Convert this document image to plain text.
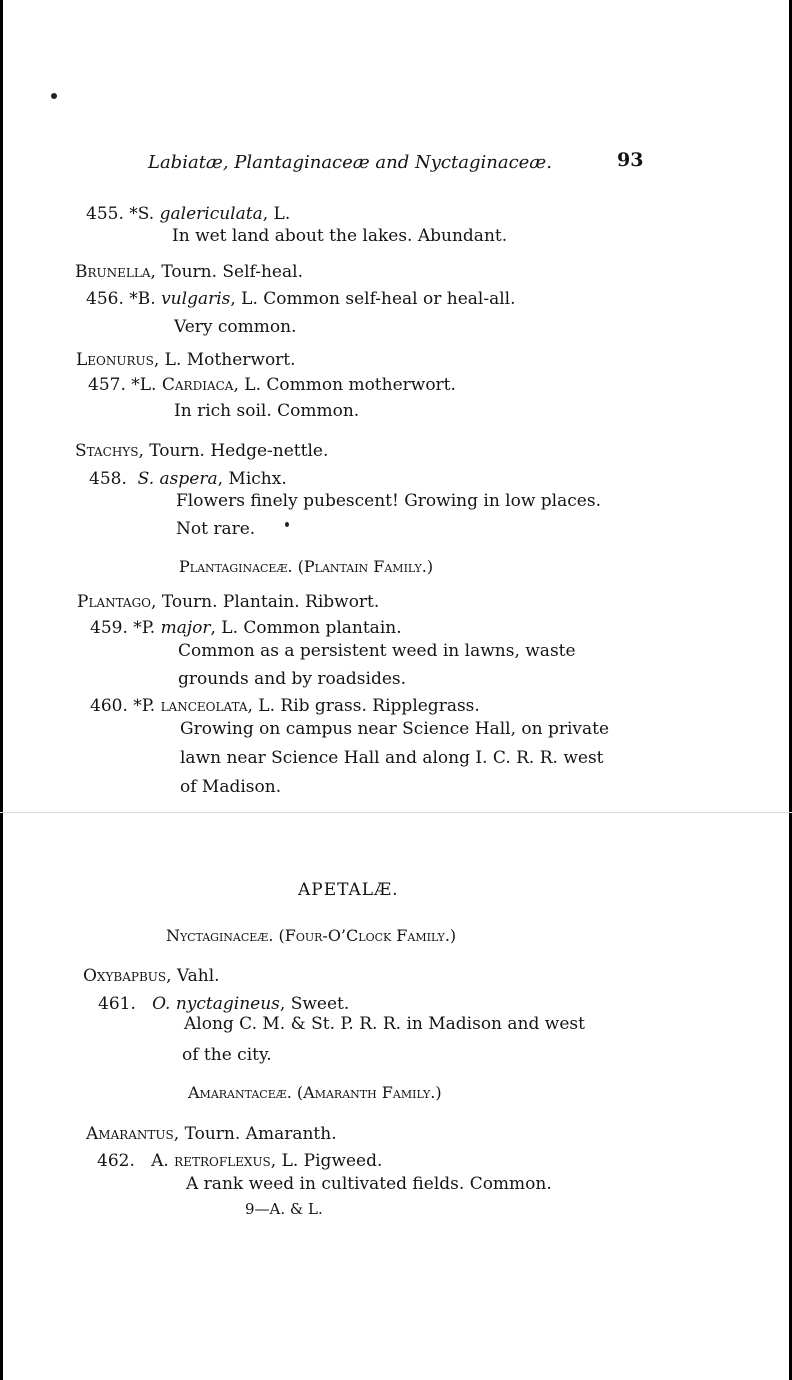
Labiatæ, Plantaginaceæ and Nyctaginaceæ.	93
455. *S. galericulata, L.
In wet land about the lakes. Abundant.
Brunella, Tourn. Self-heal.
456. *B. vulgaris, L. Common self-heal or heal-all.
Very common.
Leonurus, L. Motherwort.
457. *L. Cardiaca, L. Common motherwort.
In rich soil. Common.
Stachys, Tourn. Hedge-nettle.
458. S. aspera, Michx.
Flowers finely pubescent! Growing in low places.
Not rare.
Plantaginaceæ. (Plantain Family.)
Plantago, Tourn. Plantain. Ribwort.
459. *P. major, L. Common plantain.
Common as a persistent weed in lawns, waste
grounds and by roadsides.
460. *P. lanceolata, L. Rib grass. Ripplegrass.
Growing on campus near Science Hall, on private
lawn near Science Hall and along I. C. R. R. west
of Madison.
APETALÆ.
Nyctaginaceæ. (Four-O’Clock Family.)
Oxybapbus, Vahl.
461. O. nyctagineus, Sweet.
Along C. M. & St. P. R. R. in Madison and west
of the city.
Amarantaceæ. (Amaranth Family.)
Amarantus, Tourn. Amaranth.
462. A. retroflexus, L. Pigweed.
A rank weed in cultivated fields. Common.
9—A. & L.
